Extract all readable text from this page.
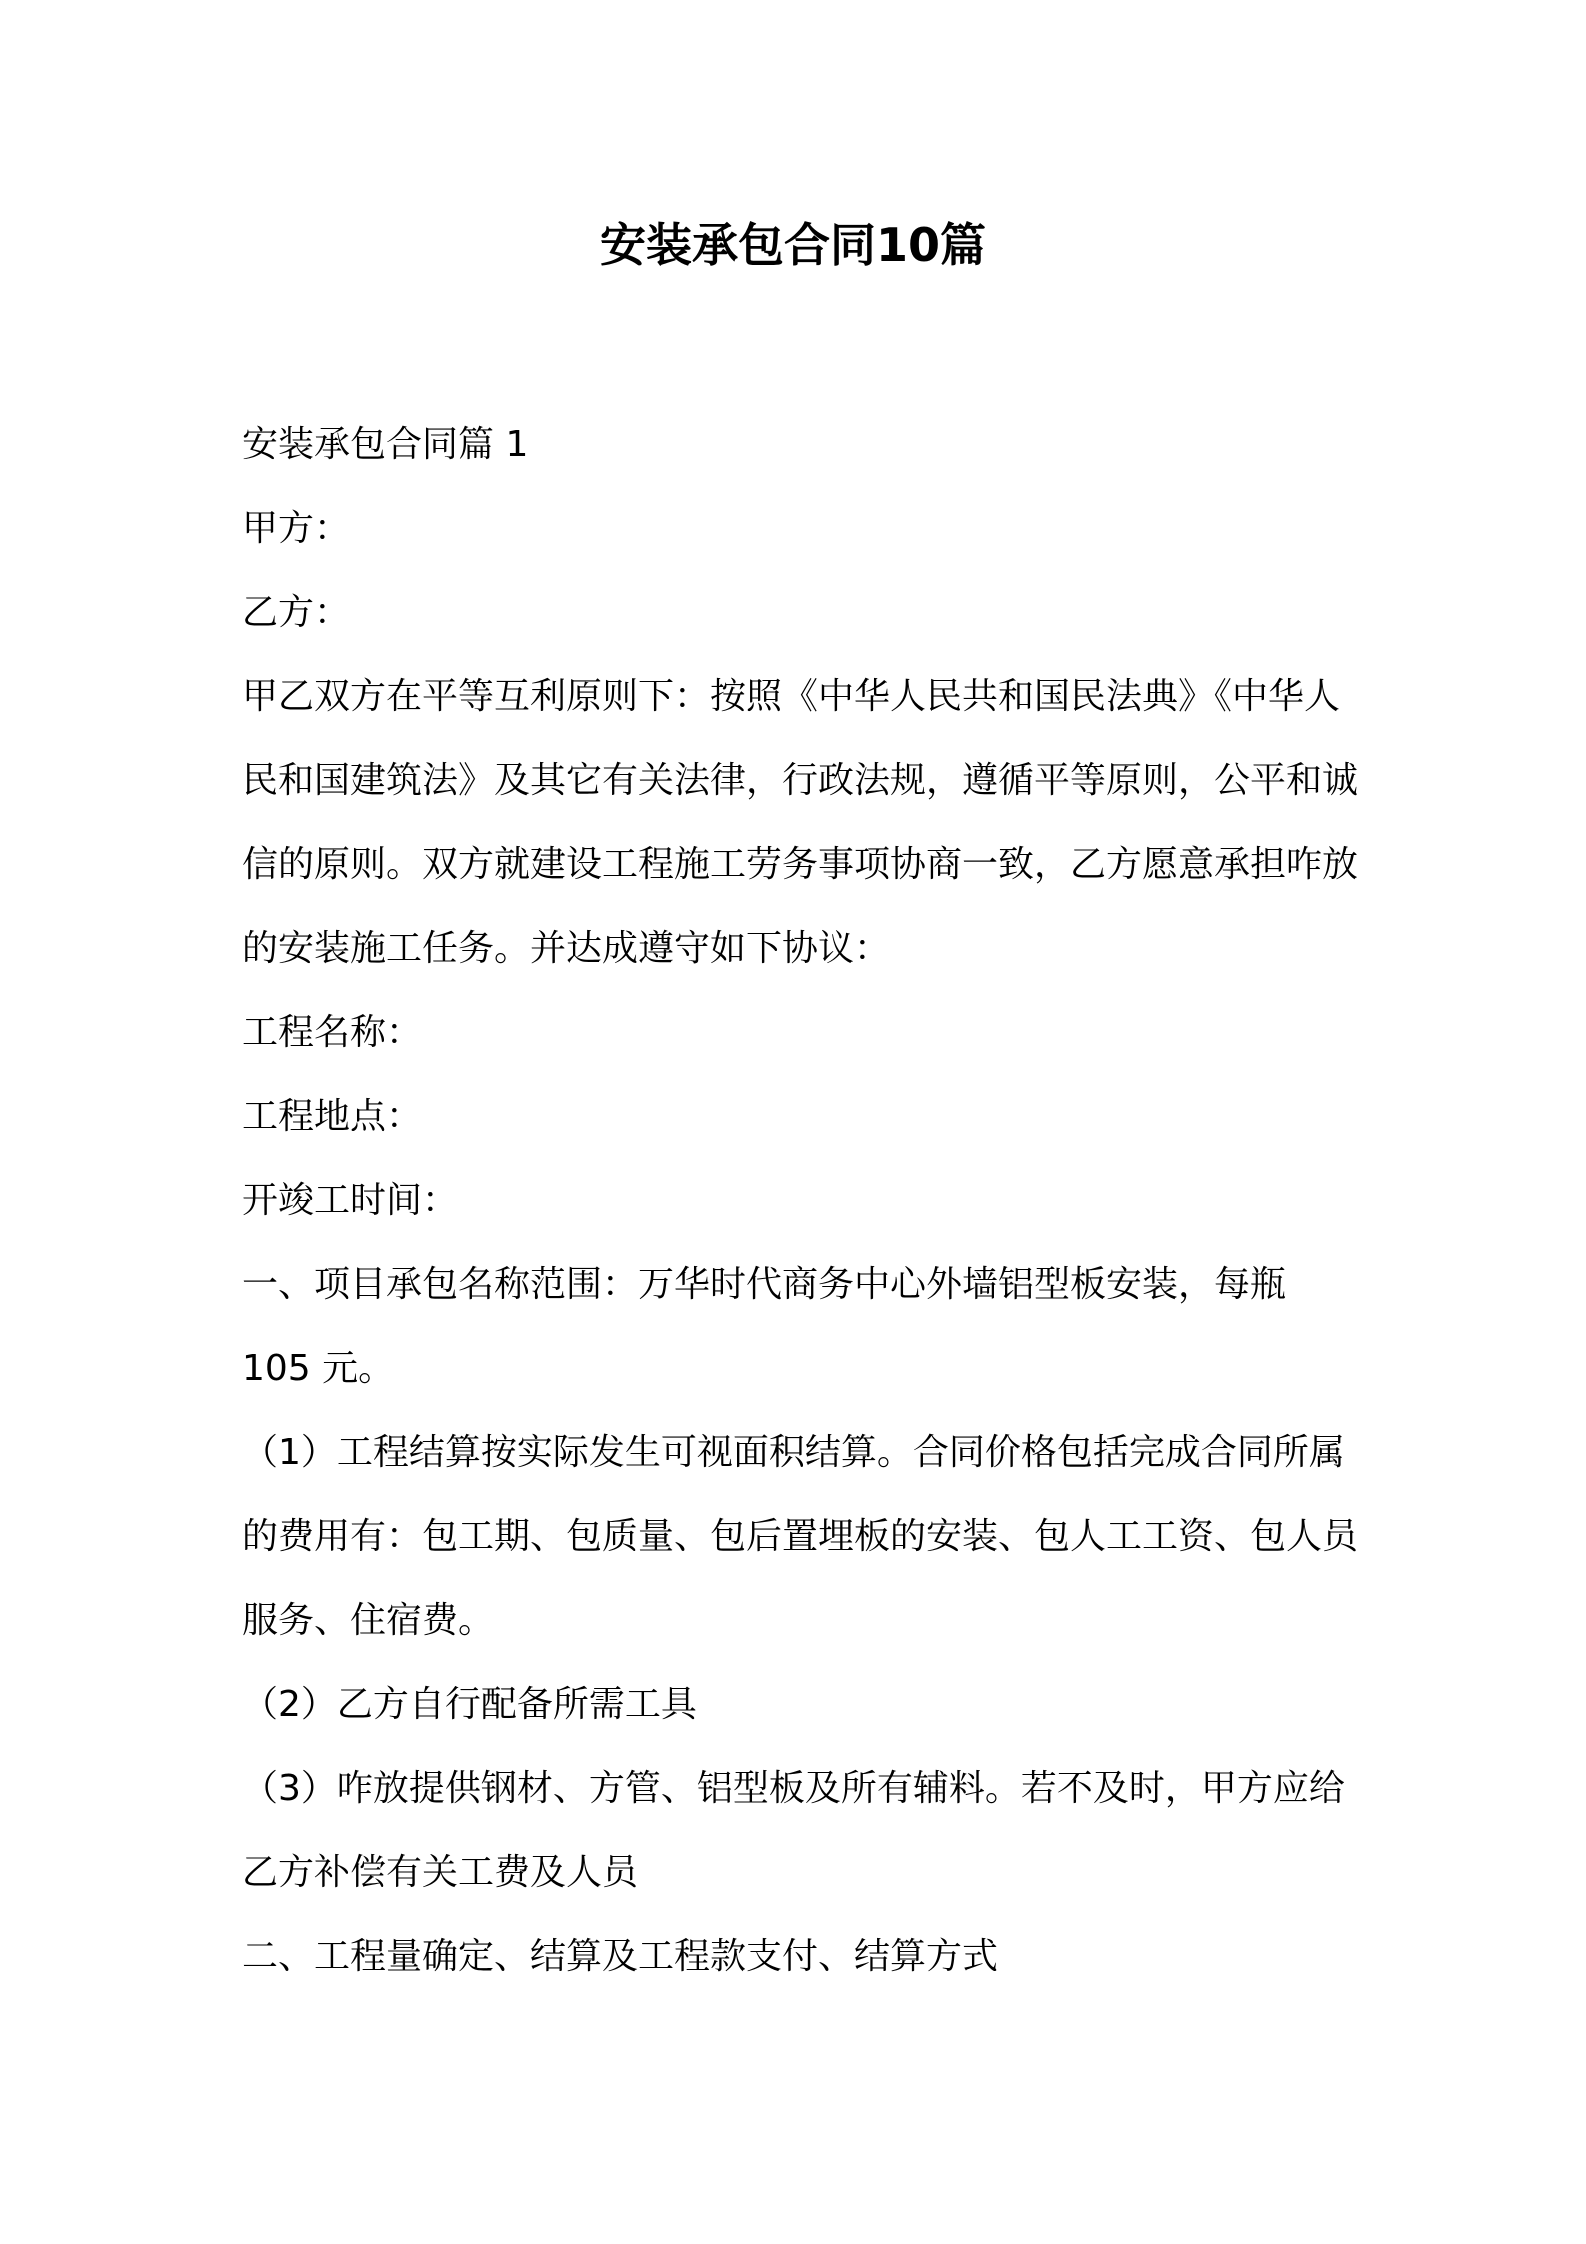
安装承包合同10篇

安装承包合同篇 1

甲方：

乙方：

甲乙双方在平等互利原则下：按照《中华人民共和国民法典》《中华人民和国建筑法》及其它有关法律，行政法规，遵循平等原则，公平和诚信的原则。双方就建设工程施工劳务事项协商一致，乙方愿意承担咋放的安装施工任务。并达成遵守如下协议：

工程名称：

工程地点：

开竣工时间：

一、项目承包名称范围：万华时代商务中心外墙铝型板安装，每瓶 105 元。

（1）工程结算按实际发生可视面积结算。合同价格包括完成合同所属的费用有：包工期、包质量、包后置埋板的安装、包人工工资、包人员服务、住宿费。

（2）乙方自行配备所需工具

（3）咋放提供钢材、方管、铝型板及所有辅料。若不及时，甲方应给乙方补偿有关工费及人员

二、工程量确定、结算及工程款支付、结算方式
